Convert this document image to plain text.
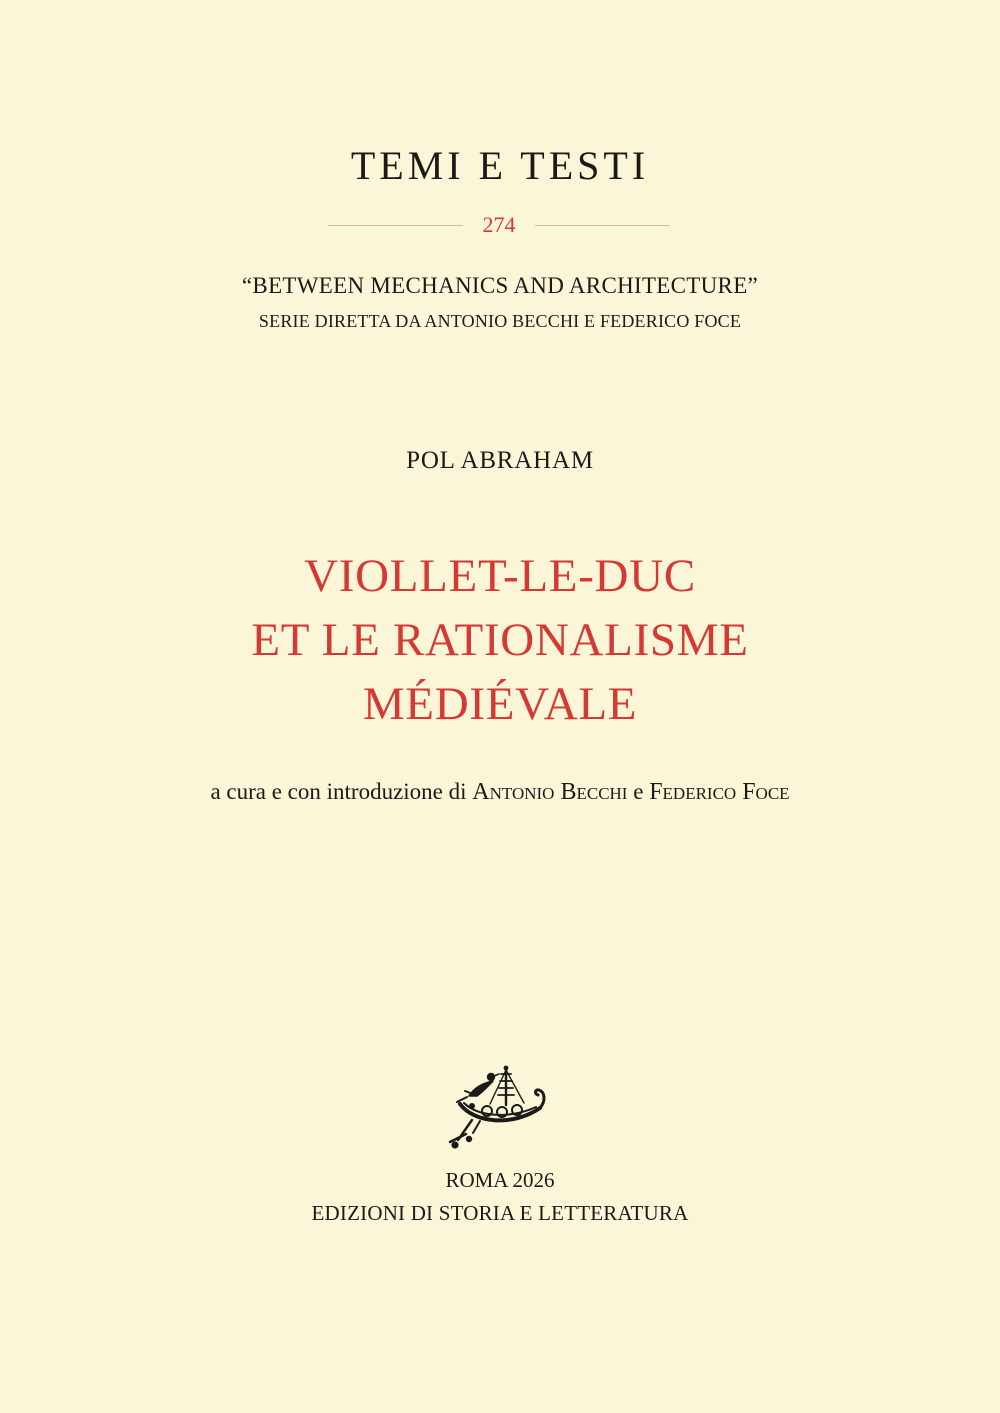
TEMI E TESTI
274
“BETWEEN MECHANICS AND ARCHITECTURE”
SERIE DIRETTA DA ANTONIO BECCHI E FEDERICO FOCE
POL ABRAHAM
VIOLLET-LE-DUC
ET LE RATIONALISME
MÉDIÉVALE
a cura e con introduzione di Antonio Becchi e Federico Foce
ROMA 2026
EDIZIONI DI STORIA E LETTERATURA
